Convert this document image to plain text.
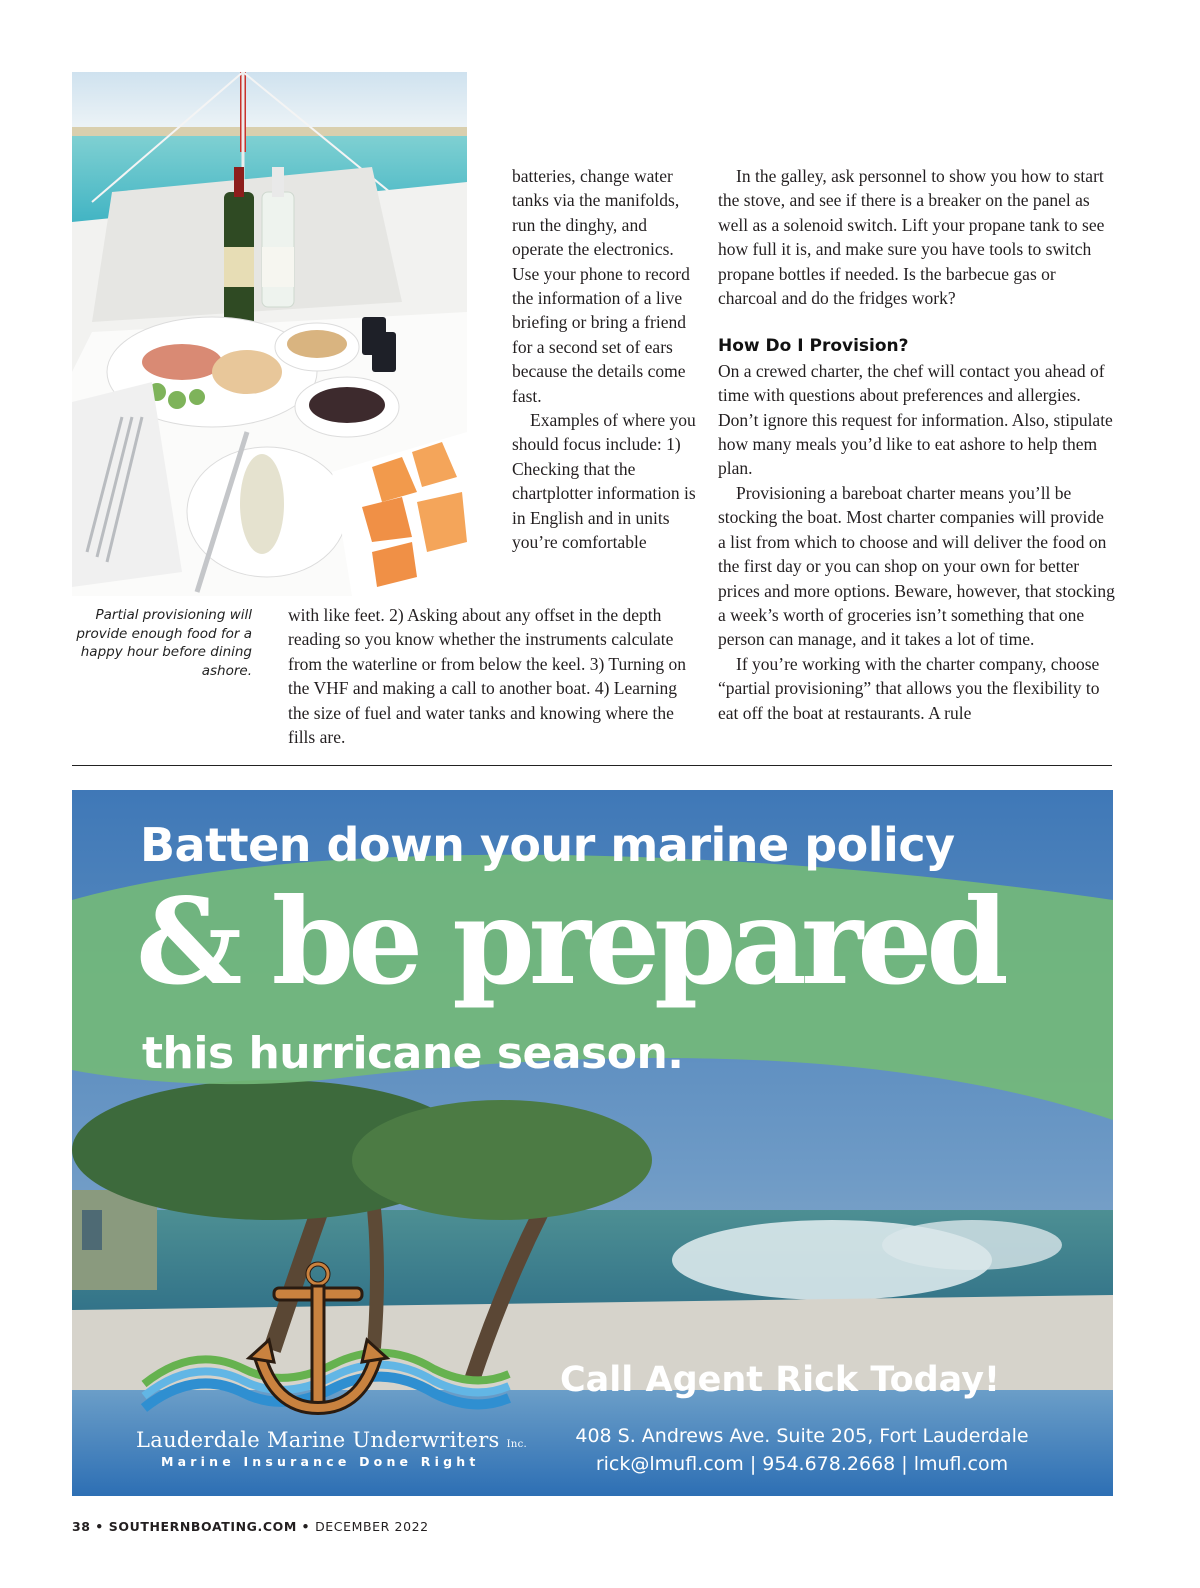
Partial provisioning will provide enough food for a happy hour before dining ashore.

batteries, change water tanks via the manifolds, run the dinghy, and operate the electronics. Use your phone to record the information of a live briefing or bring a friend for a second set of ears because the details come fast.

Examples of where you should focus include: 1) Checking that the chartplotter information is in English and in units you’re comfortable

with like feet. 2) Asking about any offset in the depth reading so you know whether the instruments calculate from the waterline or from below the keel. 3) Turning on the VHF and making a call to another boat. 4) Learning the size of fuel and water tanks and knowing where the fills are.

In the galley, ask personnel to show you how to start the stove, and see if there is a breaker on the panel as well as a solenoid switch. Lift your propane tank to see how full it is, and make sure you have tools to switch propane bottles if needed. Is the barbecue gas or charcoal and do the fridges work?

How Do I Provision?

On a crewed charter, the chef will contact you ahead of time with questions about preferences and allergies. Don’t ignore this request for information. Also, stipulate how many meals you’d like to eat ashore to help them plan.

Provisioning a bareboat charter means you’ll be stocking the boat. Most charter companies will provide a list from which to choose and will deliver the food on the first day or you can shop on your own for better prices and more options. Beware, however, that stocking a week’s worth of groceries isn’t something that one person can manage, and it takes a lot of time.

If you’re working with the charter company, choose “partial provisioning” that allows you the flexibility to eat off the boat at restaurants. A rule

Batten down your marine policy
& be prepared
this hurricane season.
Lauderdale Marine Underwriters Inc.
Marine Insurance Done Right
Call Agent Rick Today!
408 S. Andrews Ave. Suite 205, Fort Lauderdale
rick@lmufl.com | 954.678.2668 | lmufl.com
38 • SOUTHERNBOATING.COM • DECEMBER 2022
